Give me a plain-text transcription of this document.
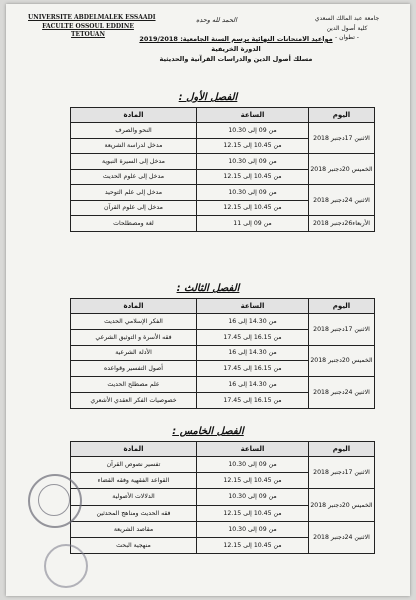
UNIVERSITE ABDELMALEK ESSAADI
FACULTE OSSOUL EDDINE
TETOUAN
الحمد لله وحده	جامعة عبد المالك السعدي
كلية أصول الدين
- تطوان -
مواعيد الامتحانات النهائية برسم السنة الجامعية: 2019/2018
الدورة الخريفية
مسلك أصول الدين والدراسات القرآنية والحديثية
الفصل الأول :
اليوم	الساعة	المادة
الاثنين 17دجنبر 2018	من 09 إلى 10.30	النحو والصرف
	من 10.45 إلى 12.15	مدخل لدراسة الشريعة
الخميس 20دجنبر 2018	من 09 إلى 10.30	مدخل إلى السيرة النبوية
	من 10.45 إلى 12.15	مدخل إلى علوم الحديث
الاثنين 24دجنبر 2018	من 09 إلى 10.30	مدخل إلى علم التوحيد
	من 10.45 إلى 12.15	مدخل إلى علوم القرآن
الأربعاء26دجنبر 2018	من 09 إلى 11	لغة ومصطلحات
الفصل الثالث :
اليوم	الساعة	المادة
الاثنين 17دجنبر 2018	من 14.30 إلى 16	الفكر الإسلامي الحديث
	من 16.15 إلى 17.45	فقه الأسرة و التوثيق الشرعي
الخميس 20دجنبر 2018	من 14.30 إلى 16	الأدلة الشرعية
	من 16.15 إلى 17.45	أصول التفسير وقواعده
الاثنين 24دجنبر 2018	من 14.30 إلى 16	علم مصطلح الحديث
	من 16.15 إلى 17.45	خصوصيات الفكر العقدي الأشعري
الفصل الخامس :
اليوم	الساعة	المادة
الاثنين 17دجنبر 2018	من 09 إلى 10.30	تفسير نصوص القرآن
	من 10.45 إلى 12.15	القواعد الفقهية وفقه القضاء
الخميس 20دجنبر 2018	من 09 إلى 10.30	الدلالات الأصولية
	من 10.45 إلى 12.15	فقه الحديث ومناهج المحدثين
الاثنين 24دجنبر 2018	من 09 إلى 10.30	مقاصد الشريعة
	من 10.45 إلى 12.15	منهجية البحث
